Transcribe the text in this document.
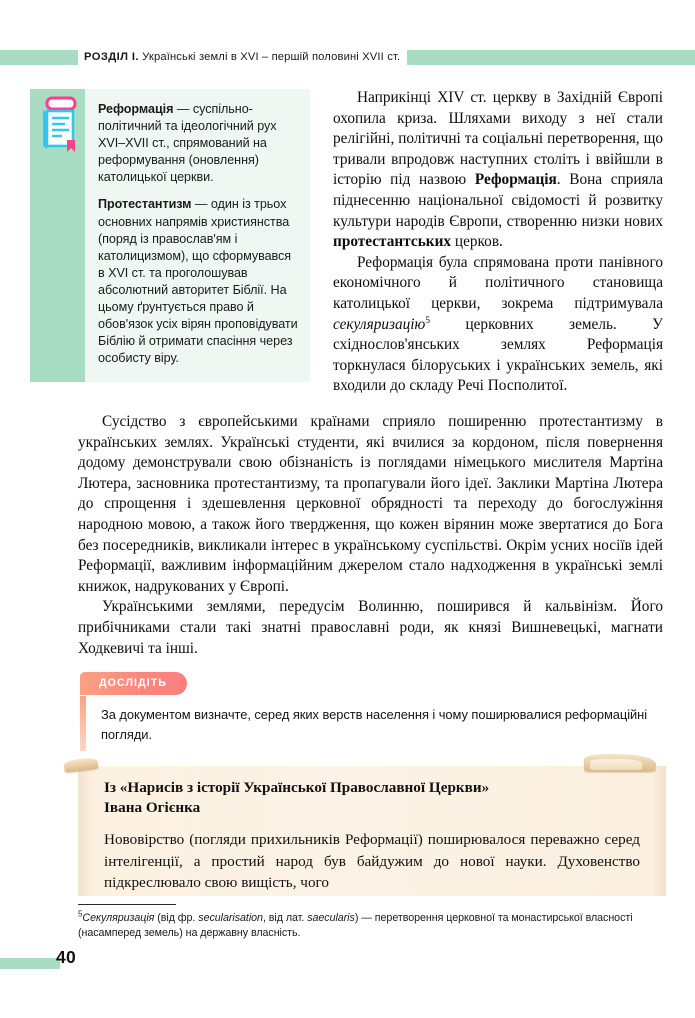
РОЗДІЛ I. Українські землі в XVI – першій половині XVII ст.

Реформація — суспільно-політичний та ідеологічний рух XVI–XVII ст., спрямований на реформування (оновлення) католицької церкви.

Протестантизм — один із трьох основних напрямів християнства (поряд із православ'ям і католицизмом), що сформувався в XVI ст. та проголошував абсолютний авторитет Біблії. На цьому ґрунтується право й обов'язок усіх вірян проповідувати Біблію й отримати спасіння через особисту віру.

Наприкінці XIV ст. церкву в Західній Європі охопила криза. Шляхами виходу з неї стали релігійні, політичні та соціальні перетворення, що тривали впродовж наступних століть і ввійшли в історію під назвою Реформація. Вона сприяла піднесенню національної свідомості й розвитку культури народів Європи, створенню низки нових протестантських церков.

Реформація була спрямована проти панівного економічного й політичного становища католицької церкви, зокрема підтримувала секуляризацію$^5$ церковних земель. У східнослов'янських землях Реформація торкнулася білоруських і українських земель, які входили до складу Речі Посполитої.

Сусідство з європейськими країнами сприяло поширенню протестантизму в українських землях. Українські студенти, які вчилися за кордоном, після повернення додому демонстрували свою обізнаність із поглядами німецького мислителя Мартіна Лютера, засновника протестантизму, та пропагували його ідеї. Заклики Мартіна Лютера до спрощення і здешевлення церковної обрядності та переходу до богослужіння народною мовою, а також його твердження, що кожен вірянин може звертатися до Бога без посередників, викликали інтерес в українському суспільстві. Окрім усних носіїв ідей Реформації, важливим інформаційним джерелом стало надходження в українські землі книжок, надрукованих у Європі.

Українськими землями, передусім Волинню, поширився й кальвінізм. Його прибічниками стали такі знатні православні роди, як князі Вишневецькі, магнати Ходкевичі та інші.

ДОСЛІДІТЬ

За документом визначте, серед яких верств населення і чому поширювалися реформаційні погляди.

Із «Нарисів з історії Української Православної Церкви»
Івана Огієнка

Нововірство (погляди прихильників Реформації) поширювалося переважно серед інтелігенції, а простий народ був байдужим до нової науки. Духовенство підкреслювало свою вищість, чого

$^5$Секуляризація (від фр. secularisation, від лат. saecularis) — перетворення церковної та монастирської власності (насамперед земель) на державну власність.
40
